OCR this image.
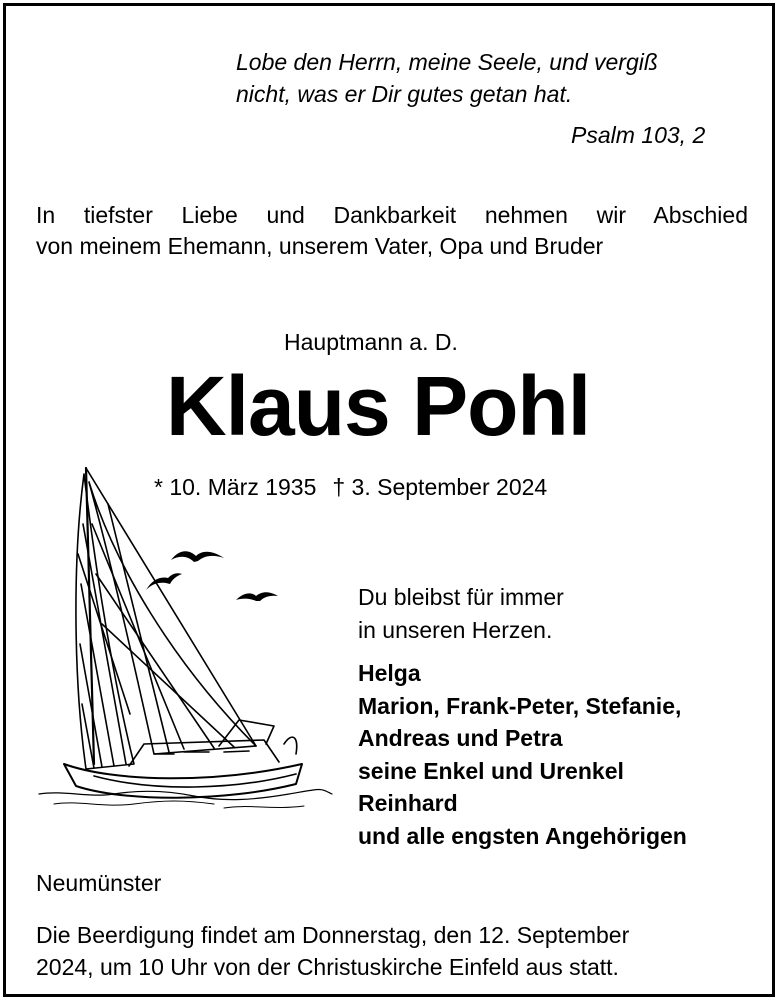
Lobe den Herrn, meine Seele, und vergiß
nicht, was er Dir gutes getan hat.
Psalm 103, 2
In tiefster Liebe und Dankbarkeit nehmen wir Abschied
von meinem Ehemann, unserem Vater, Opa und Bruder
Hauptmann a. D.
Klaus Pohl
* 10. März 1935 † 3. September 2024
Du bleibst für immer
in unseren Herzen.
Helga
Marion, Frank-Peter, Stefanie,
Andreas und Petra
seine Enkel und Urenkel
Reinhard
und alle engsten Angehörigen
Neumünster
Die Beerdigung findet am Donnerstag, den 12. September
2024, um 10 Uhr von der Christuskirche Einfeld aus statt.
